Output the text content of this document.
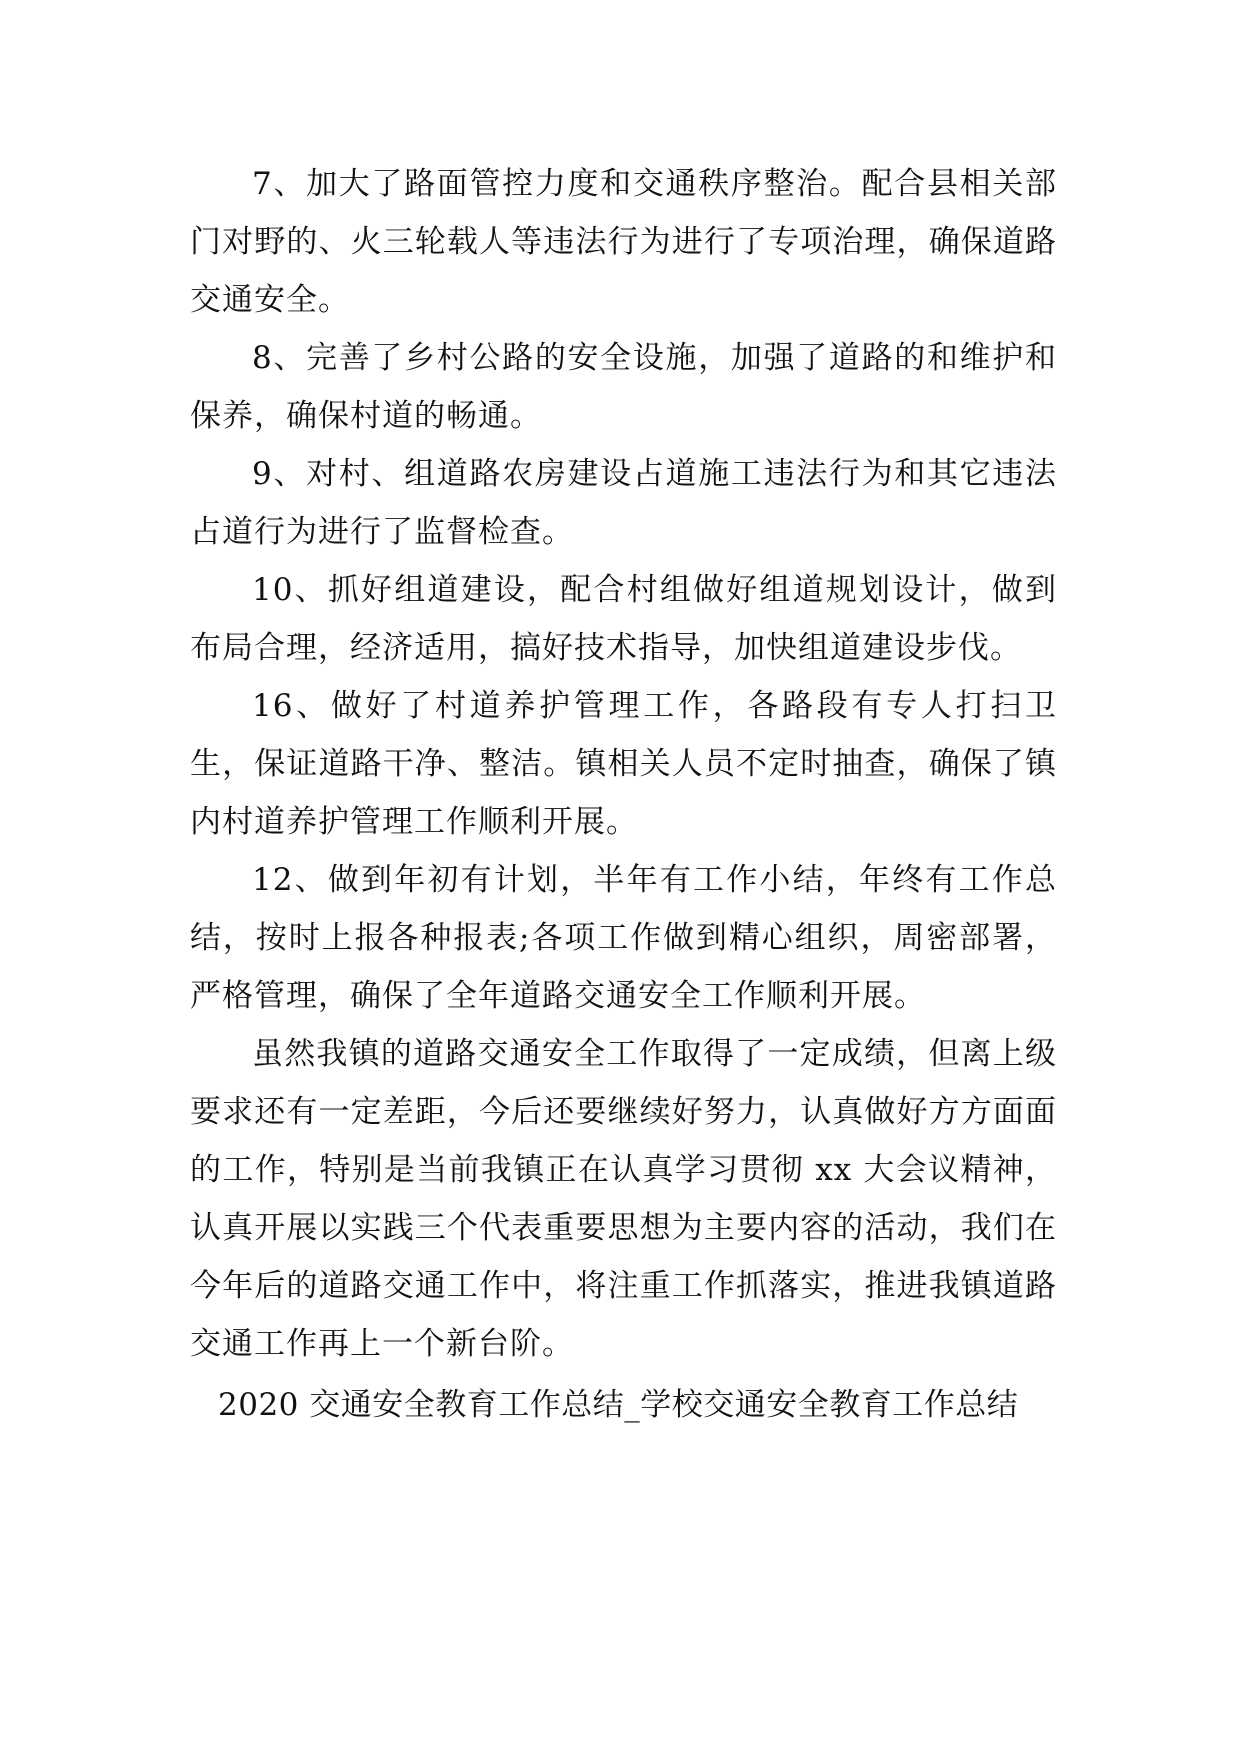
7、加大了路面管控力度和交通秩序整治。配合县相关部门对野的、火三轮载人等违法行为进行了专项治理，确保道路交通安全。

8、完善了乡村公路的安全设施，加强了道路的和维护和保养，确保村道的畅通。

9、对村、组道路农房建设占道施工违法行为和其它违法占道行为进行了监督检查。

10、抓好组道建设，配合村组做好组道规划设计，做到布局合理，经济适用，搞好技术指导，加快组道建设步伐。

16、做好了村道养护管理工作，各路段有专人打扫卫生，保证道路干净、整洁。镇相关人员不定时抽查，确保了镇内村道养护管理工作顺利开展。

12、做到年初有计划，半年有工作小结，年终有工作总结，按时上报各种报表;各项工作做到精心组织，周密部署，严格管理，确保了全年道路交通安全工作顺利开展。

虽然我镇的道路交通安全工作取得了一定成绩，但离上级要求还有一定差距，今后还要继续好努力，认真做好方方面面的工作，特别是当前我镇正在认真学习贯彻 xx 大会议精神，认真开展以实践三个代表重要思想为主要内容的活动，我们在今年后的道路交通工作中，将注重工作抓落实，推进我镇道路交通工作再上一个新台阶。

2020 交通安全教育工作总结_学校交通安全教育工作总结
